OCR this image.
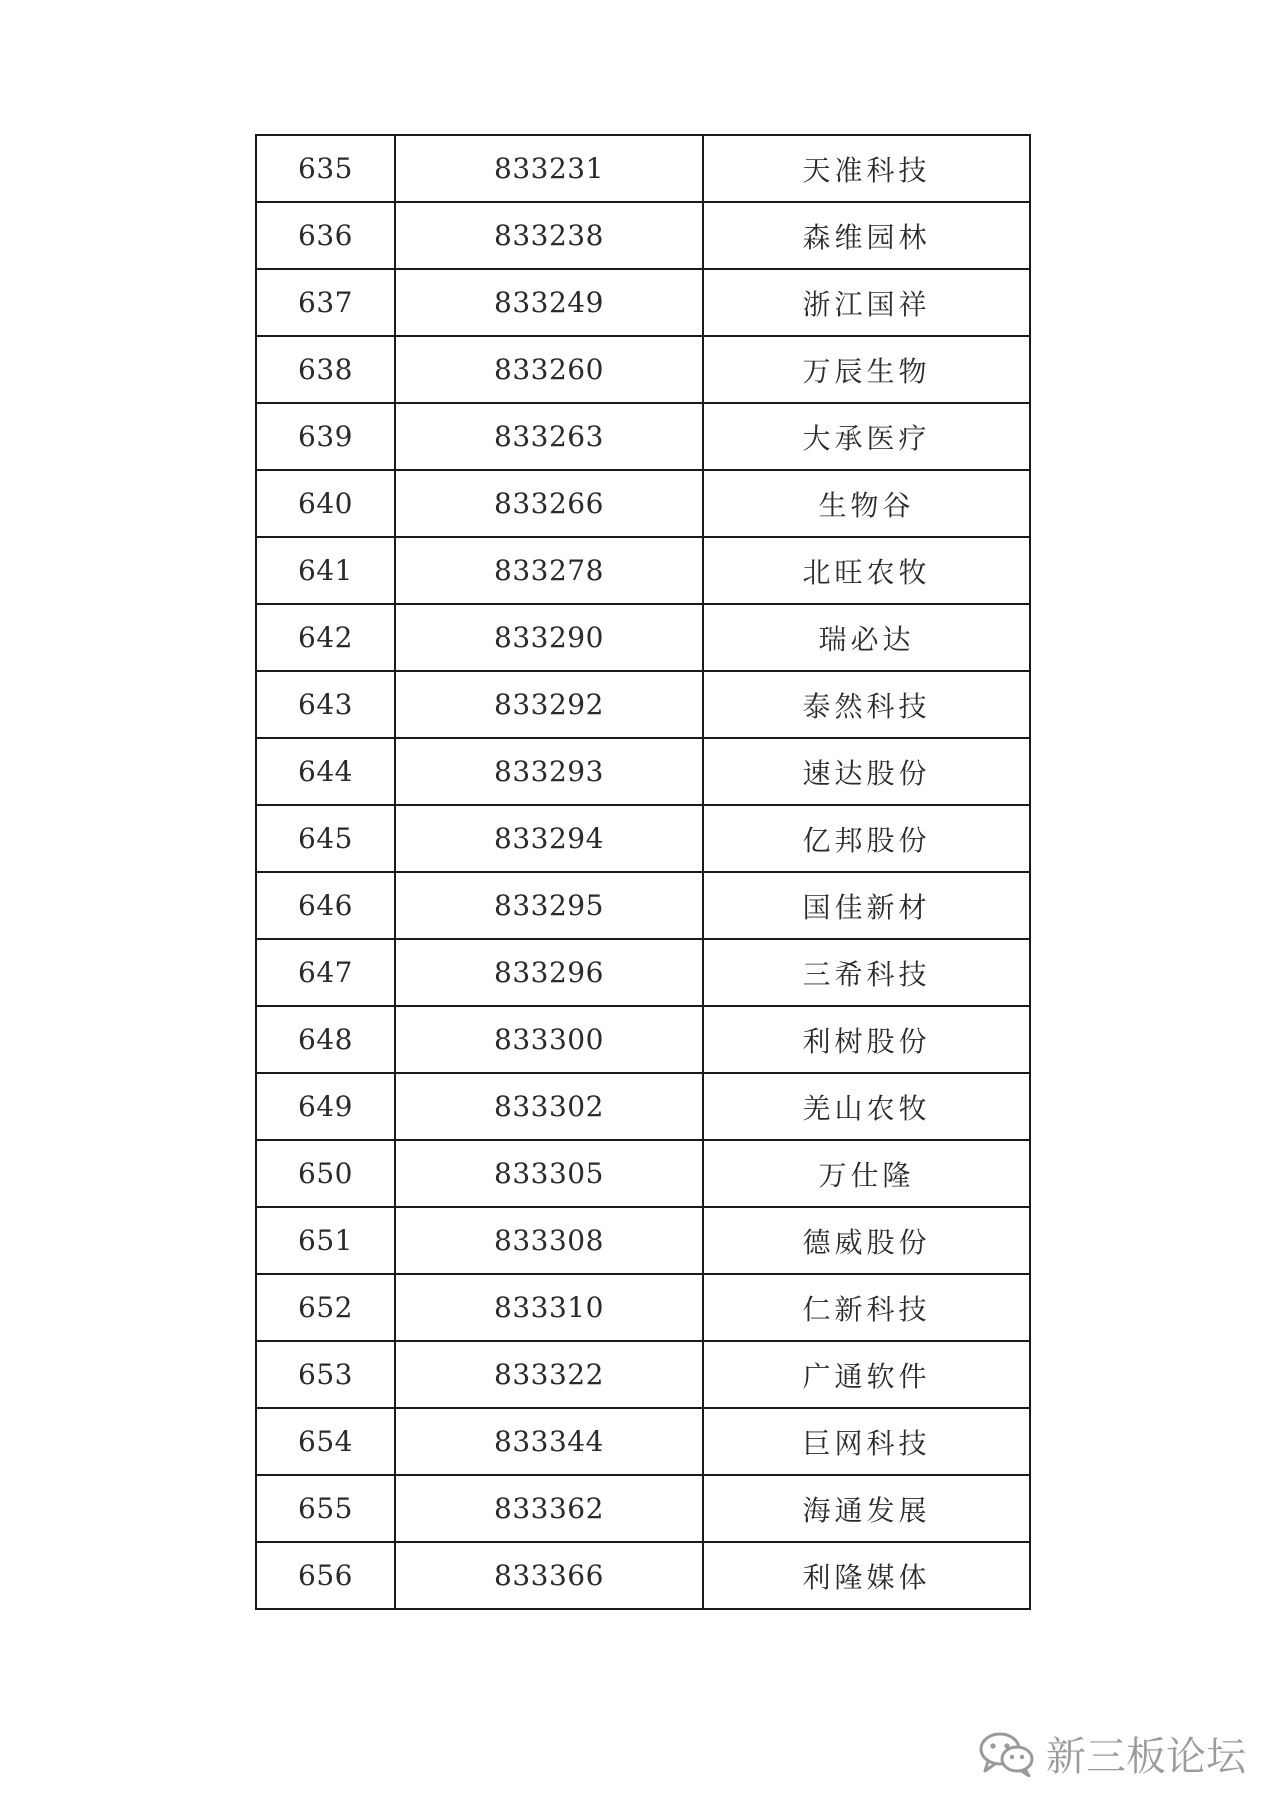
635	833231	天准科技
636	833238	森维园林
637	833249	浙江国祥
638	833260	万辰生物
639	833263	大承医疗
640	833266	生物谷
641	833278	北旺农牧
642	833290	瑞必达
643	833292	泰然科技
644	833293	速达股份
645	833294	亿邦股份
646	833295	国佳新材
647	833296	三希科技
648	833300	利树股份
649	833302	羌山农牧
650	833305	万仕隆
651	833308	德威股份
652	833310	仁新科技
653	833322	广通软件
654	833344	巨网科技
655	833362	海通发展
656	833366	利隆媒体
新三板论坛
